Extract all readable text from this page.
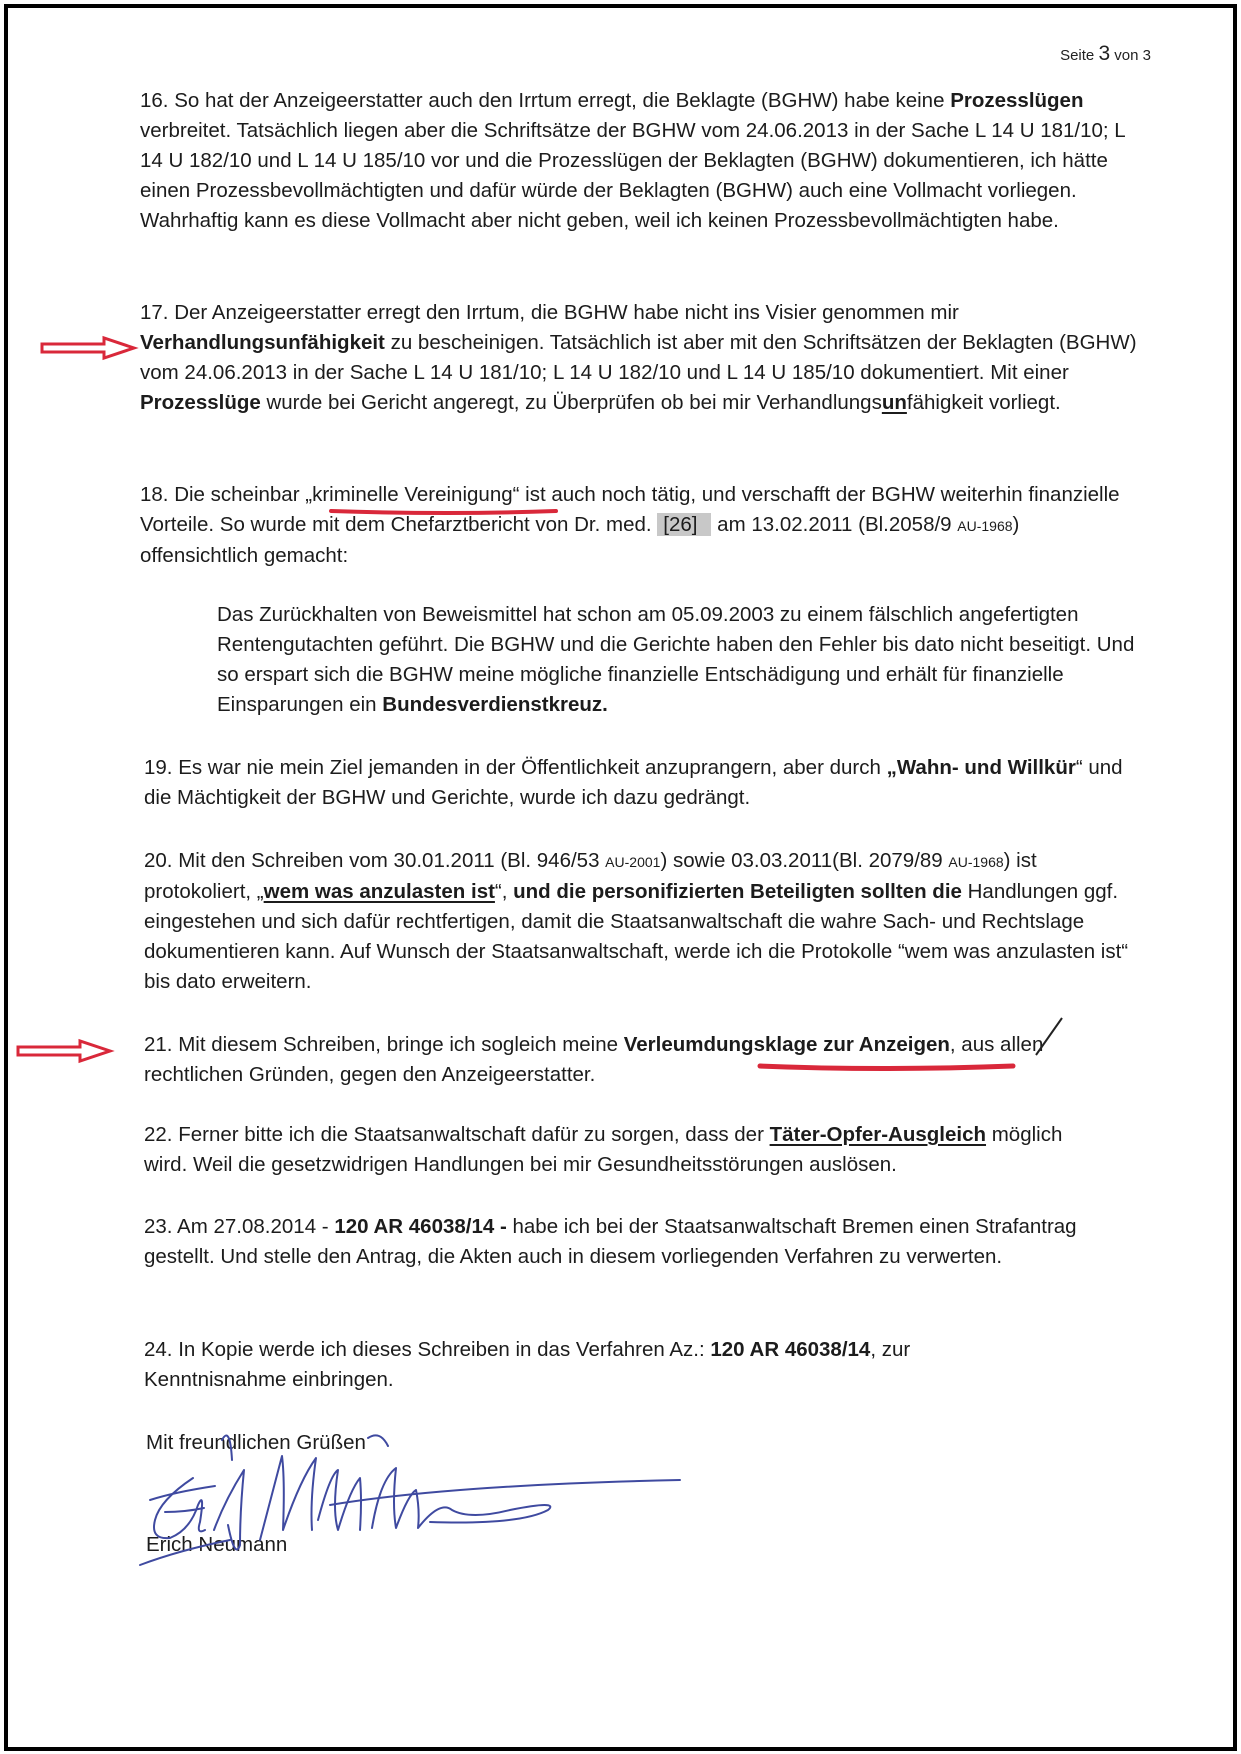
Seite 3 von 3

16. So hat der Anzeigeerstatter auch den Irrtum erregt, die Beklagte (BGHW) habe keine Prozesslügen verbreitet. Tatsächlich liegen aber die Schriftsätze der BGHW vom 24.06.2013 in der Sache L 14 U 181/10; L 14 U 182/10 und L 14 U 185/10 vor und die Prozesslügen der Beklagten (BGHW) dokumentieren, ich hätte einen Prozessbevollmächtigten und dafür würde der Beklagten (BGHW) auch eine Vollmacht vorliegen. Wahrhaftig kann es diese Vollmacht aber nicht geben, weil ich keinen Prozessbevollmächtigten habe.

17. Der Anzeigeerstatter erregt den Irrtum, die BGHW habe nicht ins Visier genommen mir Verhandlungsunfähigkeit zu bescheinigen. Tatsächlich ist aber mit den Schriftsätzen der Beklagten (BGHW) vom 24.06.2013 in der Sache L 14 U 181/10; L 14 U 182/10 und L 14 U 185/10 dokumentiert. Mit einer Prozesslüge wurde bei Gericht angeregt, zu Überprüfen ob bei mir Verhandlungsunfähigkeit vorliegt.

18. Die scheinbar „kriminelle Vereinigung“ ist auch noch tätig, und verschafft der BGHW weiterhin finanzielle Vorteile. So wurde mit dem Chefarztbericht von Dr. med. [26] am 13.02.2011 (Bl.2058/9 AU-1968) offensichtlich gemacht:

Das Zurückhalten von Beweismittel hat schon am 05.09.2003 zu einem fälschlich angefertigten Rentengutachten geführt. Die BGHW und die Gerichte haben den Fehler bis dato nicht beseitigt. Und so erspart sich die BGHW meine mögliche finanzielle Entschädigung und erhält für finanzielle Einsparungen ein Bundesverdienstkreuz.

19. Es war nie mein Ziel jemanden in der Öffentlichkeit anzuprangern, aber durch „Wahn- und Willkür“ und die Mächtigkeit der BGHW und Gerichte, wurde ich dazu gedrängt.

20. Mit den Schreiben vom 30.01.2011 (Bl. 946/53 AU-2001) sowie 03.03.2011(Bl. 2079/89 AU-1968) ist protokoliert, „wem was anzulasten ist“, und die personifizierten Beteiligten sollten die Handlungen ggf. eingestehen und sich dafür rechtfertigen, damit die Staatsanwaltschaft die wahre Sach- und Rechtslage dokumentieren kann. Auf Wunsch der Staatsanwaltschaft, werde ich die Protokolle “wem was anzulasten ist“ bis dato erweitern.

21. Mit diesem Schreiben, bringe ich sogleich meine Verleumdungsklage zur Anzeigen, aus allen rechtlichen Gründen, gegen den Anzeigeerstatter.

22. Ferner bitte ich die Staatsanwaltschaft dafür zu sorgen, dass der Täter-Opfer-Ausgleich möglich wird. Weil die gesetzwidrigen Handlungen bei mir Gesundheitsstörungen auslösen.

23. Am 27.08.2014 - 120 AR 46038/14 - habe ich bei der Staatsanwaltschaft Bremen einen Strafantrag gestellt. Und stelle den Antrag, die Akten auch in diesem vorliegenden Verfahren zu verwerten.

24. In Kopie werde ich dieses Schreiben in das Verfahren Az.: 120 AR 46038/14, zur Kenntnisnahme einbringen.

Mit freundlichen Grüßen

Erich Neumann
